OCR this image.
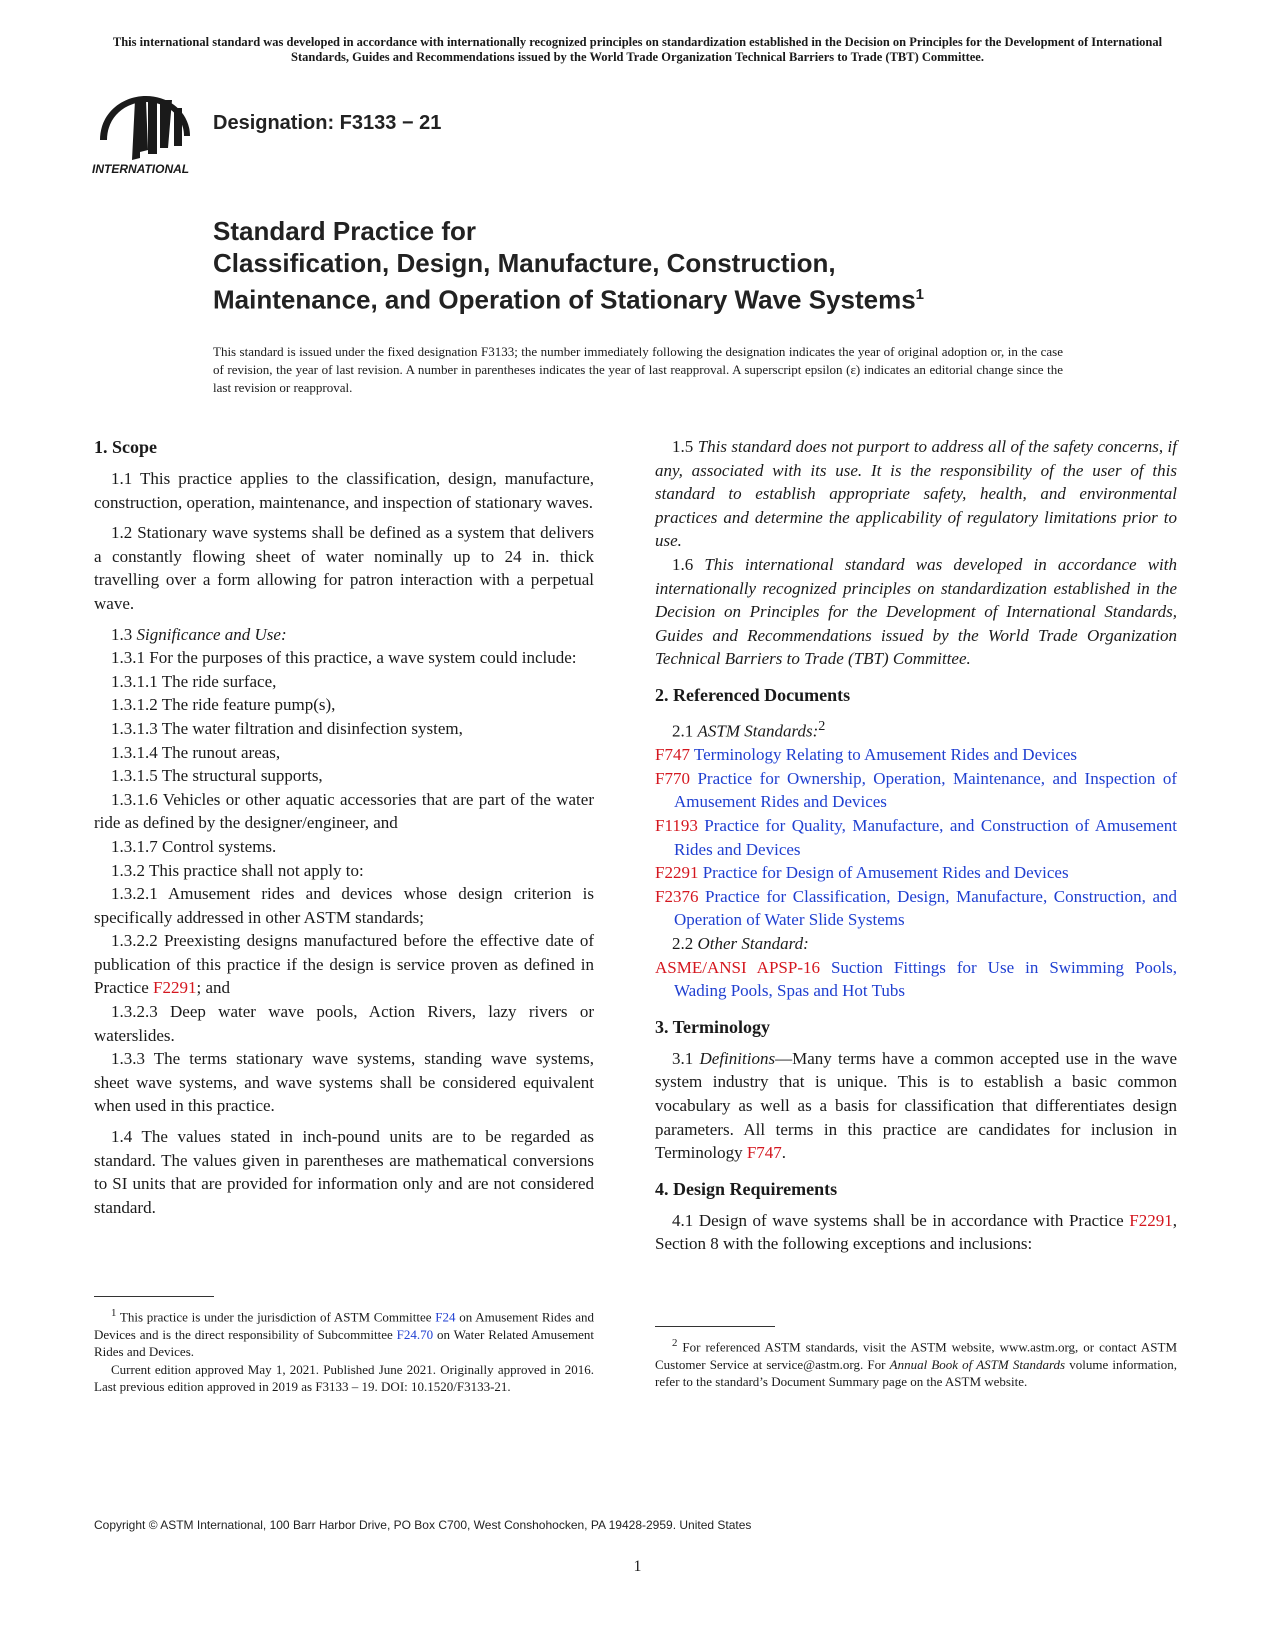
This international standard was developed in accordance with internationally recognized principles on standardization established in the Decision on Principles for the Development of International Standards, Guides and Recommendations issued by the World Trade Organization Technical Barriers to Trade (TBT) Committee.
INTERNATIONAL
Designation: F3133 − 21
Standard Practice for
Classification, Design, Manufacture, Construction,
Maintenance, and Operation of Stationary Wave Systems$^1$
This standard is issued under the fixed designation F3133; the number immediately following the designation indicates the year of original adoption or, in the case of revision, the year of last revision. A number in parentheses indicates the year of last reapproval. A superscript epsilon (ε) indicates an editorial change since the last revision or reapproval.
1. Scope

1.1 This practice applies to the classification, design, manufacture, construction, operation, maintenance, and inspection of stationary waves.

1.2 Stationary wave systems shall be defined as a system that delivers a constantly flowing sheet of water nominally up to 24 in. thick travelling over a form allowing for patron interaction with a perpetual wave.

1.3 Significance and Use:

1.3.1 For the purposes of this practice, a wave system could include:

1.3.1.1 The ride surface,

1.3.1.2 The ride feature pump(s),

1.3.1.3 The water filtration and disinfection system,

1.3.1.4 The runout areas,

1.3.1.5 The structural supports,

1.3.1.6 Vehicles or other aquatic accessories that are part of the water ride as defined by the designer/engineer, and

1.3.1.7 Control systems.

1.3.2 This practice shall not apply to:

1.3.2.1 Amusement rides and devices whose design criterion is specifically addressed in other ASTM standards;

1.3.2.2 Preexisting designs manufactured before the effective date of publication of this practice if the design is service proven as defined in Practice F2291; and

1.3.2.3 Deep water wave pools, Action Rivers, lazy rivers or waterslides.

1.3.3 The terms stationary wave systems, standing wave systems, sheet wave systems, and wave systems shall be considered equivalent when used in this practice.

1.4 The values stated in inch-pound units are to be regarded as standard. The values given in parentheses are mathematical conversions to SI units that are provided for information only and are not considered standard.

1.5 This standard does not purport to address all of the safety concerns, if any, associated with its use. It is the responsibility of the user of this standard to establish appropriate safety, health, and environmental practices and determine the applicability of regulatory limitations prior to use.

1.6 This international standard was developed in accordance with internationally recognized principles on standardization established in the Decision on Principles for the Development of International Standards, Guides and Recommendations issued by the World Trade Organization Technical Barriers to Trade (TBT) Committee.

2. Referenced Documents

2.1 ASTM Standards:$^2$

F747 Terminology Relating to Amusement Rides and Devices

F770 Practice for Ownership, Operation, Maintenance, and Inspection of Amusement Rides and Devices

F1193 Practice for Quality, Manufacture, and Construction of Amusement Rides and Devices

F2291 Practice for Design of Amusement Rides and Devices

F2376 Practice for Classification, Design, Manufacture, Construction, and Operation of Water Slide Systems

2.2 Other Standard:

ASME/ANSI APSP-16 Suction Fittings for Use in Swimming Pools, Wading Pools, Spas and Hot Tubs

3. Terminology

3.1 Definitions—Many terms have a common accepted use in the wave system industry that is unique. This is to establish a basic common vocabulary as well as a basis for classification that differentiates design parameters. All terms in this practice are candidates for inclusion in Terminology F747.

4. Design Requirements

4.1 Design of wave systems shall be in accordance with Practice F2291, Section 8 with the following exceptions and inclusions:

$^1$ This practice is under the jurisdiction of ASTM Committee F24 on Amusement Rides and Devices and is the direct responsibility of Subcommittee F24.70 on Water Related Amusement Rides and Devices.

Current edition approved May 1, 2021. Published June 2021. Originally approved in 2016. Last previous edition approved in 2019 as F3133 – 19. DOI: 10.1520/F3133-21.

$^2$ For referenced ASTM standards, visit the ASTM website, www.astm.org, or contact ASTM Customer Service at service@astm.org. For Annual Book of ASTM Standards volume information, refer to the standard’s Document Summary page on the ASTM website.

Copyright © ASTM International, 100 Barr Harbor Drive, PO Box C700, West Conshohocken, PA 19428-2959. United States
1
